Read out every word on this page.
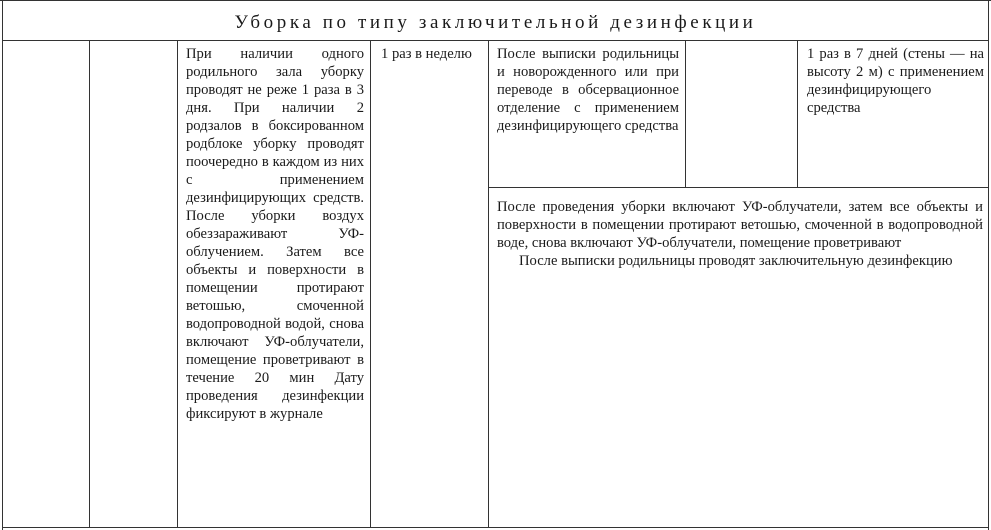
Уборка по типу заключительной дезинфекции

При наличии одного родильного зала уборку проводят не реже 1 раза в 3 дня. При наличии 2 родзалов в боксированном родблоке уборку проводят поочередно в каждом из них с применением дезинфицирующих средств. После уборки воздух обеззараживают УФ-облучением. Затем все объекты и поверхности в помещении протирают ветошью, смоченной водопроводной водой, снова включают УФ-облучатели, помещение проветривают в течение 20 мин Дату проведения дезинфекции фиксируют в журнале

1 раз в неделю	После выписки родильницы и новорожденного или при переводе в обсервационное отделение с применением дезинфицирующего средства

1 раз в 7 дней (стены — на высоту 2 м) с применением дезинфицирующего средства

После проведения уборки включают УФ-облучатели, затем все объекты и поверхности в помещении протирают ветошью, смоченной в водопроводной воде, снова включают УФ-облучатели, помещение проветривают

После выписки родильницы проводят заключительную дезинфекцию
